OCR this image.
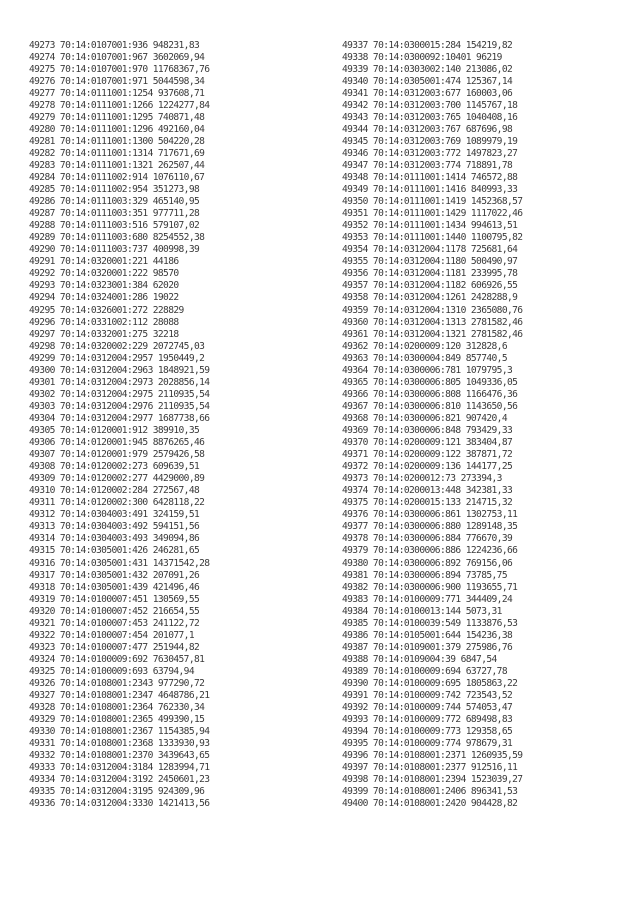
49273 70:14:0107001:936 948231,83
49274 70:14:0107001:967 3602069,94
49275 70:14:0107001:970 11768367,76
49276 70:14:0107001:971 5044598,34
49277 70:14:0111001:1254 937608,71
49278 70:14:0111001:1266 1224277,84
49279 70:14:0111001:1295 740871,48
49280 70:14:0111001:1296 492160,04
49281 70:14:0111001:1300 504220,28
49282 70:14:0111001:1314 717671,69
49283 70:14:0111001:1321 262507,44
49284 70:14:0111002:914 1076110,67
49285 70:14:0111002:954 351273,98
49286 70:14:0111003:329 465140,95
49287 70:14:0111003:351 977711,28
49288 70:14:0111003:516 579107,02
49289 70:14:0111003:680 8254552,38
49290 70:14:0111003:737 400998,39
49291 70:14:0320001:221 44186
49292 70:14:0320001:222 98570
49293 70:14:0323001:384 62020
49294 70:14:0324001:286 19022
49295 70:14:0326001:272 228829
49296 70:14:0331002:112 28088
49297 70:14:0332001:275 32218
49298 70:14:0320002:229 2072745,03
49299 70:14:0312004:2957 1950449,2
49300 70:14:0312004:2963 1848921,59
49301 70:14:0312004:2973 2028856,14
49302 70:14:0312004:2975 2110935,54
49303 70:14:0312004:2976 2110935,54
49304 70:14:0312004:2977 1687738,66
49305 70:14:0120001:912 389910,35
49306 70:14:0120001:945 8876265,46
49307 70:14:0120001:979 2579426,58
49308 70:14:0120002:273 609639,51
49309 70:14:0120002:277 4429000,89
49310 70:14:0120002:284 272567,48
49311 70:14:0120002:300 6428118,22
49312 70:14:0304003:491 324159,51
49313 70:14:0304003:492 594151,56
49314 70:14:0304003:493 349094,86
49315 70:14:0305001:426 246281,65
49316 70:14:0305001:431 14371542,28
49317 70:14:0305001:432 207091,26
49318 70:14:0305001:439 421496,46
49319 70:14:0100007:451 130569,55
49320 70:14:0100007:452 216654,55
49321 70:14:0100007:453 241122,72
49322 70:14:0100007:454 201077,1
49323 70:14:0100007:477 251944,82
49324 70:14:0100009:692 7630457,81
49325 70:14:0100009:693 63794,94
49326 70:14:0108001:2343 977290,72
49327 70:14:0108001:2347 4648786,21
49328 70:14:0108001:2364 762330,34
49329 70:14:0108001:2365 499390,15
49330 70:14:0108001:2367 1154385,94
49331 70:14:0108001:2368 1333930,93
49332 70:14:0108001:2370 3439643,65
49333 70:14:0312004:3184 1283994,71
49334 70:14:0312004:3192 2450601,23
49335 70:14:0312004:3195 924309,96
49336 70:14:0312004:3330 1421413,56
49337 70:14:0300015:284 154219,82
49338 70:14:0300092:10401 96219
49339 70:14:0303002:140 213086,02
49340 70:14:0305001:474 125367,14
49341 70:14:0312003:677 160003,06
49342 70:14:0312003:700 1145767,18
49343 70:14:0312003:765 1040408,16
49344 70:14:0312003:767 687696,98
49345 70:14:0312003:769 1089979,19
49346 70:14:0312003:772 1497823,27
49347 70:14:0312003:774 718891,78
49348 70:14:0111001:1414 746572,88
49349 70:14:0111001:1416 840993,33
49350 70:14:0111001:1419 1452368,57
49351 70:14:0111001:1429 1117022,46
49352 70:14:0111001:1434 994613,51
49353 70:14:0111001:1440 1100795,82
49354 70:14:0312004:1178 725681,64
49355 70:14:0312004:1180 500490,97
49356 70:14:0312004:1181 233995,78
49357 70:14:0312004:1182 606926,55
49358 70:14:0312004:1261 2428288,9
49359 70:14:0312004:1310 2365080,76
49360 70:14:0312004:1313 2781582,46
49361 70:14:0312004:1321 2781582,46
49362 70:14:0200009:120 312828,6
49363 70:14:0300004:849 857740,5
49364 70:14:0300006:781 1079795,3
49365 70:14:0300006:805 1049336,05
49366 70:14:0300006:808 1166476,36
49367 70:14:0300006:810 1143650,56
49368 70:14:0300006:821 907420,4
49369 70:14:0300006:848 793429,33
49370 70:14:0200009:121 383404,87
49371 70:14:0200009:122 387871,72
49372 70:14:0200009:136 144177,25
49373 70:14:0200012:73 273394,3
49374 70:14:0200013:448 342381,33
49375 70:14:0200015:133 214715,32
49376 70:14:0300006:861 1302753,11
49377 70:14:0300006:880 1289148,35
49378 70:14:0300006:884 776670,39
49379 70:14:0300006:886 1224236,66
49380 70:14:0300006:892 769156,06
49381 70:14:0300006:894 73785,75
49382 70:14:0300006:900 1193655,71
49383 70:14:0100009:771 344409,24
49384 70:14:0100013:144 5073,31
49385 70:14:0100039:549 1133876,53
49386 70:14:0105001:644 154236,38
49387 70:14:0109001:379 275986,76
49388 70:14:0109004:39 6847,54
49389 70:14:0100009:694 63727,78
49390 70:14:0100009:695 1805863,22
49391 70:14:0100009:742 723543,52
49392 70:14:0100009:744 574053,47
49393 70:14:0100009:772 689498,83
49394 70:14:0100009:773 129358,65
49395 70:14:0100009:774 978679,31
49396 70:14:0108001:2371 1260935,59
49397 70:14:0108001:2377 912516,11
49398 70:14:0108001:2394 1523039,27
49399 70:14:0108001:2406 896341,53
49400 70:14:0108001:2420 904428,82
